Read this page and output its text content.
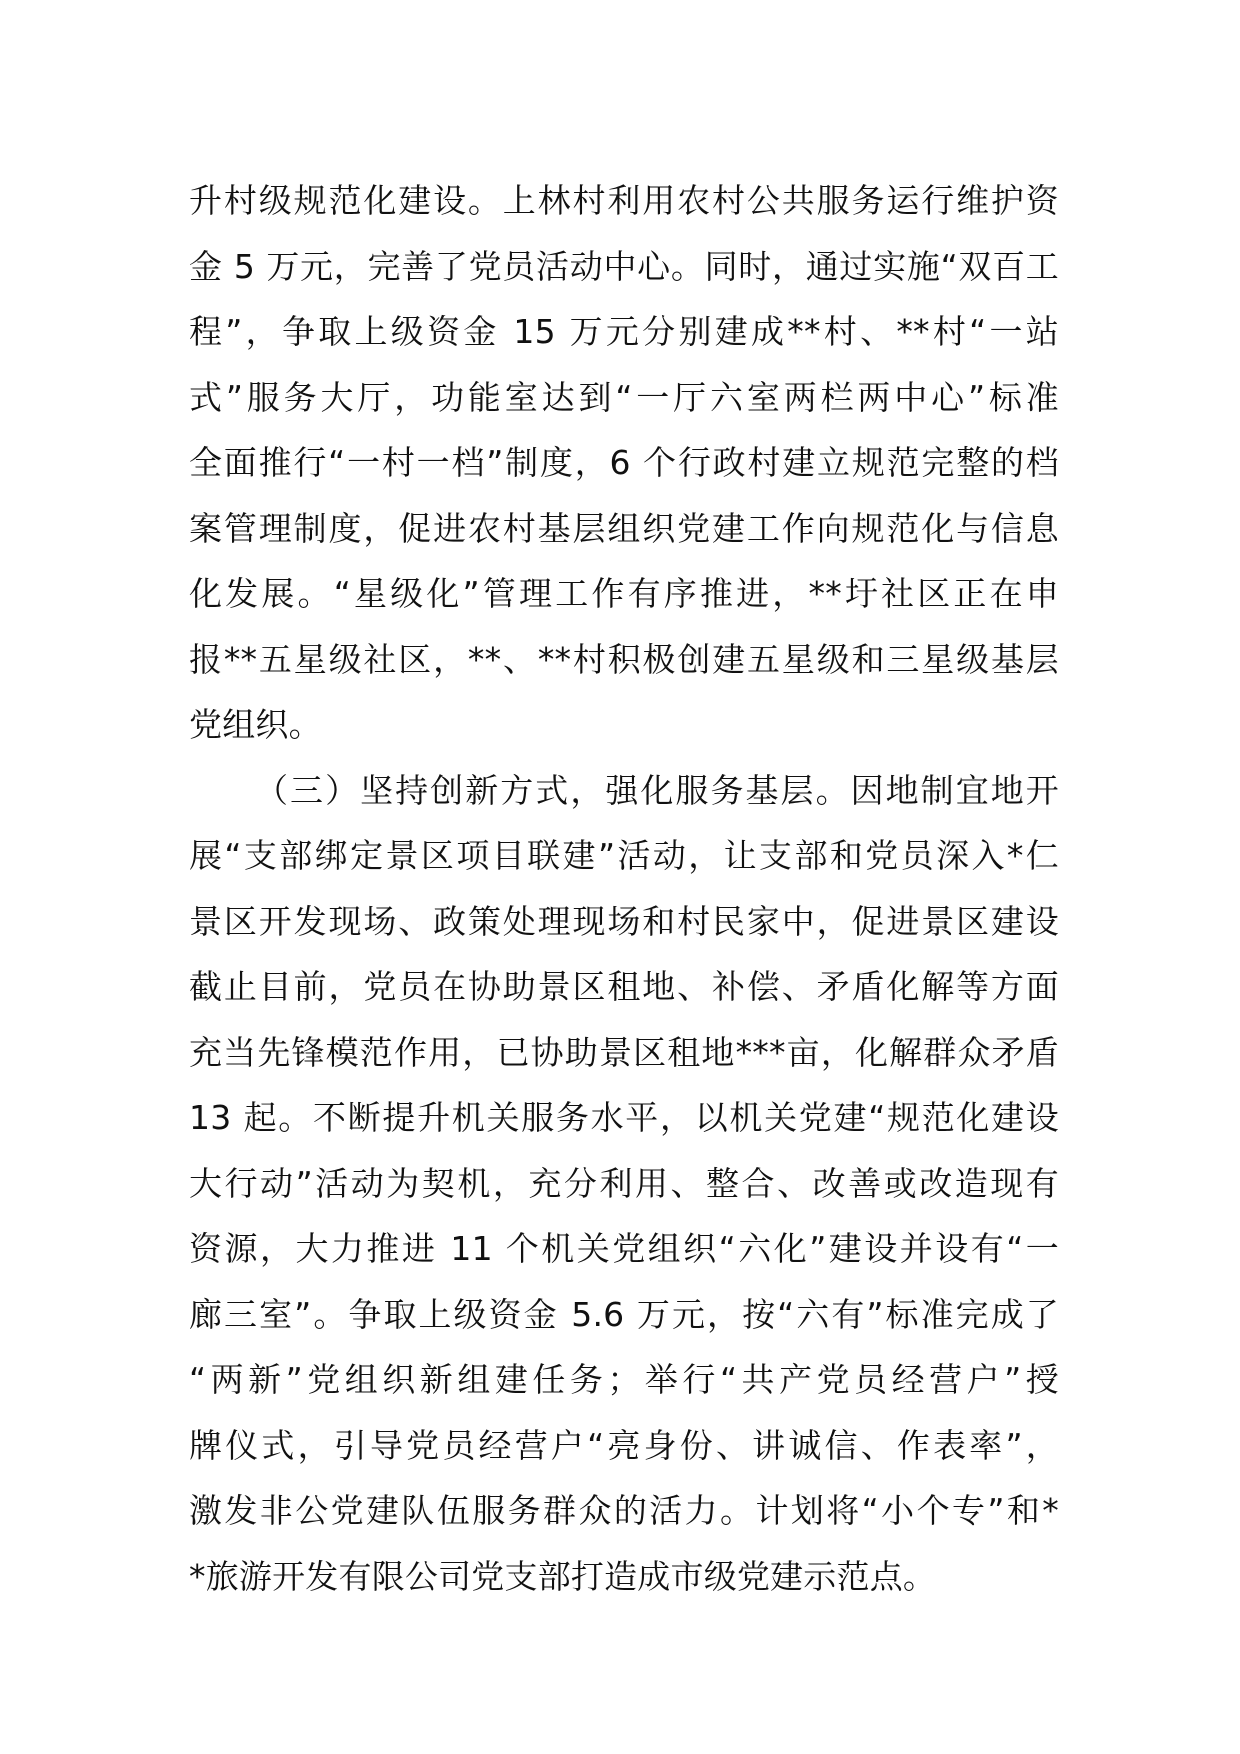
升村级规范化建设。上林村利用农村公共服务运行维护资
金 5 万元，完善了党员活动中心。同时，通过实施“双百工
程”，争取上级资金 15 万元分别建成**村、**村“一站
式”服务大厅，功能室达到“一厅六室两栏两中心”标准
全面推行“一村一档”制度，6 个行政村建立规范完整的档
案管理制度，促进农村基层组织党建工作向规范化与信息
化发展。“星级化”管理工作有序推进，**圩社区正在申
报**五星级社区，**、**村积极创建五星级和三星级基层
党组织。
（三）坚持创新方式，强化服务基层。因地制宜地开
展“支部绑定景区项目联建”活动，让支部和党员深入*仁
景区开发现场、政策处理现场和村民家中，促进景区建设
截止目前，党员在协助景区租地、补偿、矛盾化解等方面
充当先锋模范作用，已协助景区租地***亩，化解群众矛盾
13 起。不断提升机关服务水平，以机关党建“规范化建设
大行动”活动为契机，充分利用、整合、改善或改造现有
资源，大力推进 11 个机关党组织“六化”建设并设有“一
廊三室”。争取上级资金 5.6 万元，按“六有”标准完成了
“两新”党组织新组建任务；举行“共产党员经营户”授
牌仪式，引导党员经营户“亮身份、讲诚信、作表率”，
激发非公党建队伍服务群众的活力。计划将“小个专”和*
*旅游开发有限公司党支部打造成市级党建示范点。
